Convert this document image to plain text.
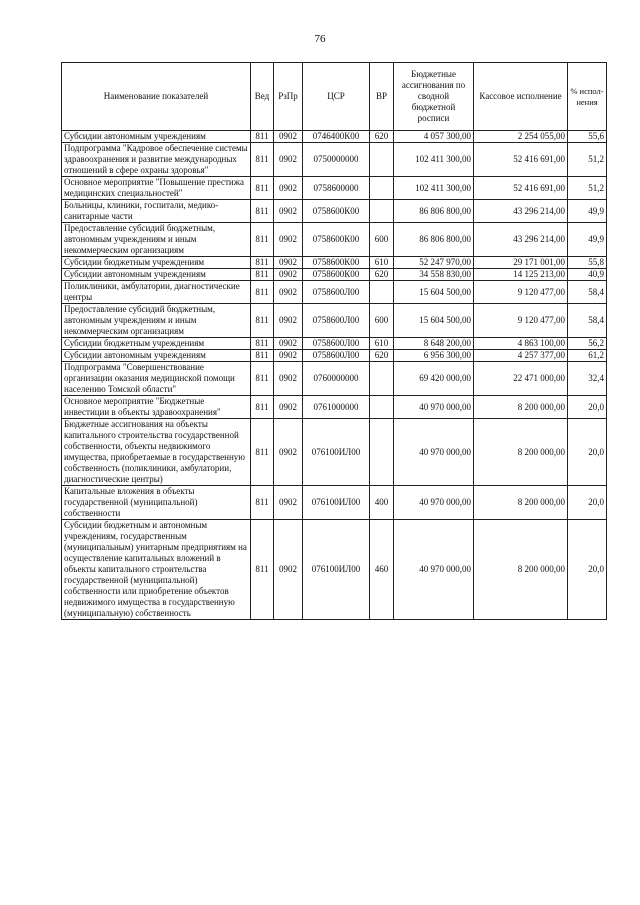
76
Наименование показателей	Вед	РзПр	ЦСР	ВР	Бюджетные ассигнования по сводной бюджетной росписи	Кассовое исполнение	% испол-нения
Субсидии автономным учреждениям	811	0902	0746400К00	620	4 057 300,00	2 254 055,00	55,6
Подпрограмма "Кадровое обеспечение системы здравоохранения и развитие международных отношений в сфере охраны здоровья"	811	0902	0750000000		102 411 300,00	52 416 691,00	51,2
Основное мероприятие "Повышение престижа медицинских специальностей"	811	0902	0758600000		102 411 300,00	52 416 691,00	51,2
Больницы, клиники, госпитали, медико-санитарные части	811	0902	0758600К00		86 806 800,00	43 296 214,00	49,9
Предоставление субсидий бюджетным, автономным учреждениям и иным некоммерческим организациям	811	0902	0758600К00	600	86 806 800,00	43 296 214,00	49,9
Субсидии бюджетным учреждениям	811	0902	0758600К00	610	52 247 970,00	29 171 001,00	55,8
Субсидии автономным учреждениям	811	0902	0758600К00	620	34 558 830,00	14 125 213,00	40,9
Поликлиники, амбулатории, диагностические центры	811	0902	0758600Л00		15 604 500,00	9 120 477,00	58,4
Предоставление субсидий бюджетным, автономным учреждениям и иным некоммерческим организациям	811	0902	0758600Л00	600	15 604 500,00	9 120 477,00	58,4
Субсидии бюджетным учреждениям	811	0902	0758600Л00	610	8 648 200,00	4 863 100,00	56,2
Субсидии автономным учреждениям	811	0902	0758600Л00	620	6 956 300,00	4 257 377,00	61,2
Подпрограмма "Совершенствование организации оказания медицинской помощи населению Томской области"	811	0902	0760000000		69 420 000,00	22 471 000,00	32,4
Основное мероприятие "Бюджетные инвестиции в объекты здравоохранения"	811	0902	0761000000		40 970 000,00	8 200 000,00	20,0
Бюджетные ассигнования на объекты капитального строительства государственной собственности, объекты недвижимого имущества, приобретаемые в государственную собственность (поликлиники, амбулатории, диагностические центры)	811	0902	076100ИЛ00		40 970 000,00	8 200 000,00	20,0
Капитальные вложения в объекты государственной (муниципальной) собственности	811	0902	076100ИЛ00	400	40 970 000,00	8 200 000,00	20,0
Субсидии бюджетным и автономным учреждениям, государственным (муниципальным) унитарным предприятиям на осуществление капитальных вложений в объекты капитального строительства государственной (муниципальной) собственности или приобретение объектов недвижимого имущества в государственную (муниципальную) собственность	811	0902	076100ИЛ00	460	40 970 000,00	8 200 000,00	20,0
